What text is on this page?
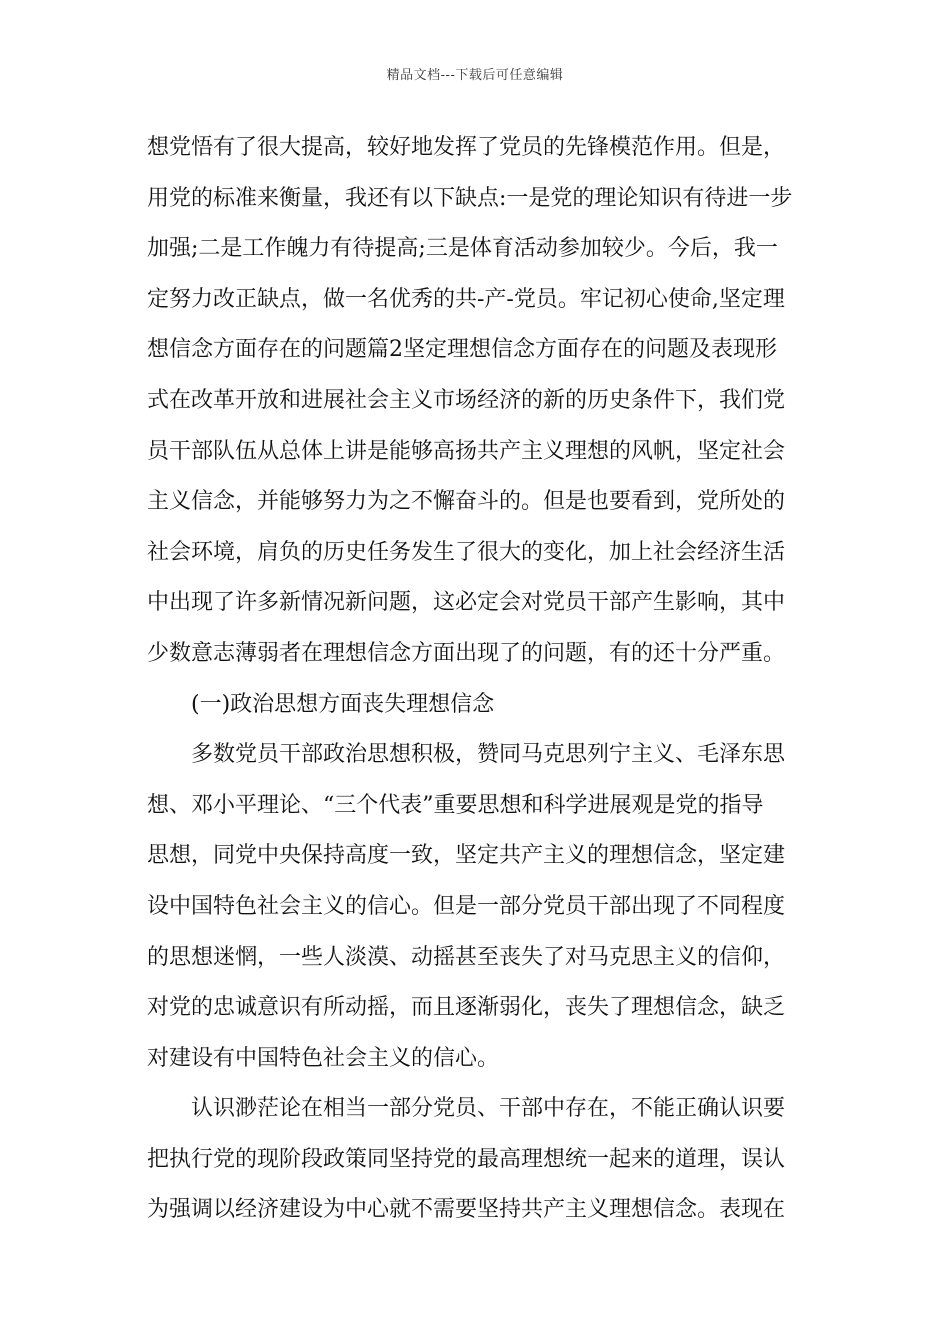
精品文档---下载后可任意编辑
想党悟有了很大提高，较好地发挥了党员的先锋模范作用。但是，
用党的标准来衡量，我还有以下缺点:一是党的理论知识有待进一步
加强;二是工作魄力有待提高;三是体育活动参加较少。今后，我一
定努力改正缺点，做一名优秀的共-产-党员。牢记初心使命,坚定理
想信念方面存在的问题篇2坚定理想信念方面存在的问题及表现形
式在改革开放和进展社会主义市场经济的新的历史条件下，我们党
员干部队伍从总体上讲是能够高扬共产主义理想的风帆，坚定社会
主义信念，并能够努力为之不懈奋斗的。但是也要看到，党所处的
社会环境，肩负的历史任务发生了很大的变化，加上社会经济生活
中出现了许多新情况新问题，这必定会对党员干部产生影响，其中
少数意志薄弱者在理想信念方面出现了的问题，有的还十分严重。
　　(一)政治思想方面丧失理想信念
　　多数党员干部政治思想积极，赞同马克思列宁主义、毛泽东思
想、邓小平理论、“三个代表”重要思想和科学进展观是党的指导
思想，同党中央保持高度一致，坚定共产主义的理想信念，坚定建
设中国特色社会主义的信心。但是一部分党员干部出现了不同程度
的思想迷惘，一些人淡漠、动摇甚至丧失了对马克思主义的信仰，
对党的忠诚意识有所动摇，而且逐渐弱化，丧失了理想信念，缺乏
对建设有中国特色社会主义的信心。
　　认识渺茫论在相当一部分党员、干部中存在，不能正确认识要
把执行党的现阶段政策同坚持党的最高理想统一起来的道理，误认
为强调以经济建设为中心就不需要坚持共产主义理想信念。表现在
